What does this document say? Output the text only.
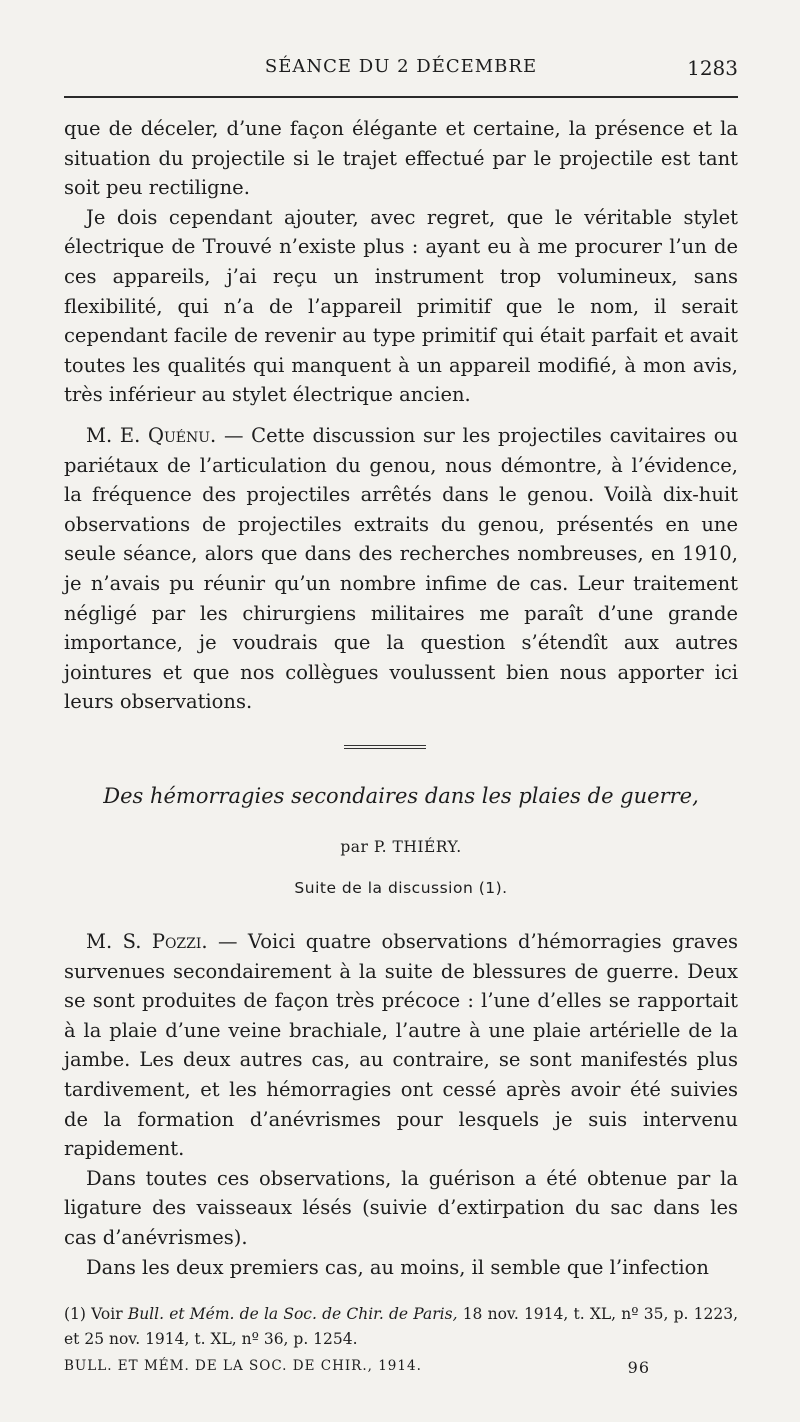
SÉANCE DU 2 DÉCEMBRE	1283

que de déceler, d’une façon élégante et certaine, la présence et la situation du projectile si le trajet effectué par le projectile est tant soit peu rectiligne.

Je dois cependant ajouter, avec regret, que le véritable stylet électrique de Trouvé n’existe plus : ayant eu à me procurer l’un de ces appareils, j’ai reçu un instrument trop volumineux, sans flexibilité, qui n’a de l’appareil primitif que le nom, il serait cependant facile de revenir au type primitif qui était parfait et avait toutes les qualités qui manquent à un appareil modifié, à mon avis, très inférieur au stylet électrique ancien.

M. E. Quénu. — Cette discussion sur les projectiles cavitaires ou pariétaux de l’articulation du genou, nous démontre, à l’évidence, la fréquence des projectiles arrêtés dans le genou. Voilà dix-huit observations de projectiles extraits du genou, présentés en une seule séance, alors que dans des recherches nombreuses, en 1910, je n’avais pu réunir qu’un nombre infime de cas. Leur traitement négligé par les chirurgiens militaires me paraît d’une grande importance, je voudrais que la question s’étendît aux autres jointures et que nos collègues voulussent bien nous apporter ici leurs observations.

Des hémorragies secondaires dans les plaies de guerre,
par P. THIÉRY.
Suite de la discussion (1).

M. S. Pozzi. — Voici quatre observations d’hémorragies graves survenues secondairement à la suite de blessures de guerre. Deux se sont produites de façon très précoce : l’une d’elles se rapportait à la plaie d’une veine brachiale, l’autre à une plaie artérielle de la jambe. Les deux autres cas, au contraire, se sont manifestés plus tardivement, et les hémorragies ont cessé après avoir été suivies de la formation d’anévrismes pour lesquels je suis intervenu rapidement.

Dans toutes ces observations, la guérison a été obtenue par la ligature des vaisseaux lésés (suivie d’extirpation du sac dans les cas d’anévrismes).

Dans les deux premiers cas, au moins, il semble que l’infection

(1) Voir Bull. et Mém. de la Soc. de Chir. de Paris, 18 nov. 1914, t. XL, nº 35, p. 1223, et 25 nov. 1914, t. XL, nº 36, p. 1254.
BULL. ET MÉM. DE LA SOC. DE CHIR., 1914.	96
